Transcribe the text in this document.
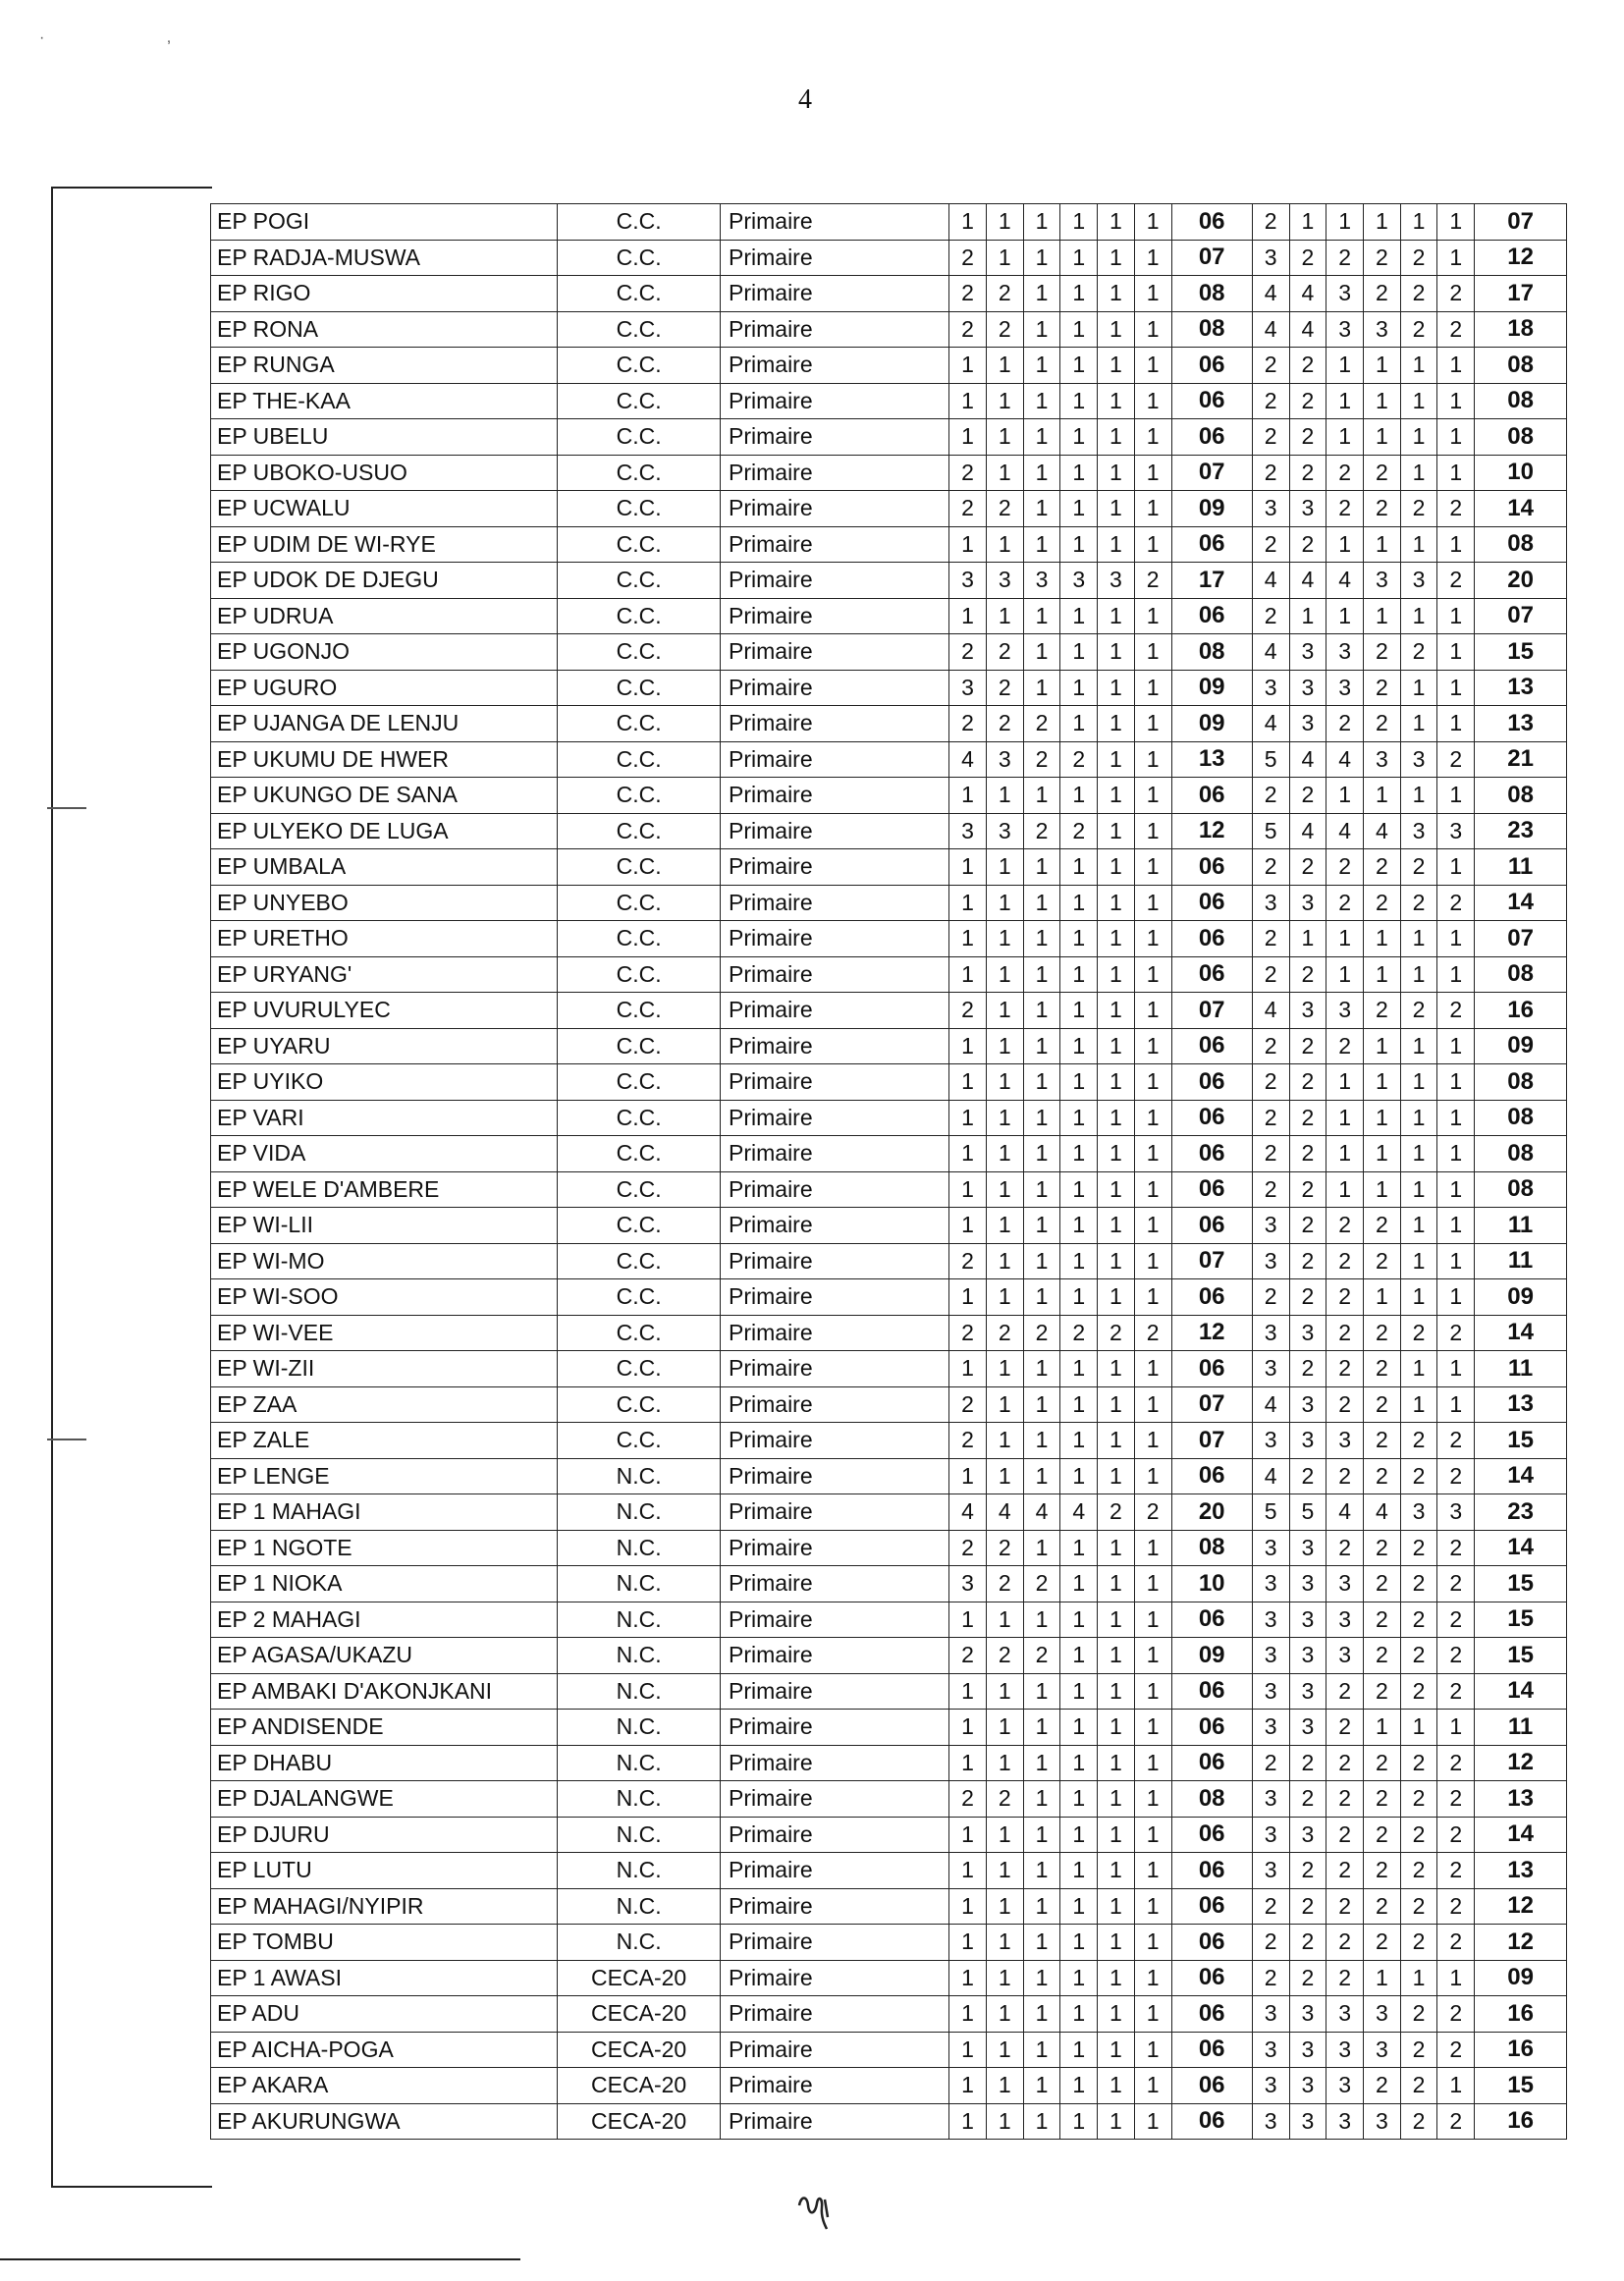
· ,
4
EP POGI	C.C.	Primaire	1	1	1	1	1	1	06	2	1	1	1	1	1	07
EP RADJA-MUSWA	C.C.	Primaire	2	1	1	1	1	1	07	3	2	2	2	2	1	12
EP RIGO	C.C.	Primaire	2	2	1	1	1	1	08	4	4	3	2	2	2	17
EP RONA	C.C.	Primaire	2	2	1	1	1	1	08	4	4	3	3	2	2	18
EP RUNGA	C.C.	Primaire	1	1	1	1	1	1	06	2	2	1	1	1	1	08
EP THE-KAA	C.C.	Primaire	1	1	1	1	1	1	06	2	2	1	1	1	1	08
EP UBELU	C.C.	Primaire	1	1	1	1	1	1	06	2	2	1	1	1	1	08
EP UBOKO-USUO	C.C.	Primaire	2	1	1	1	1	1	07	2	2	2	2	1	1	10
EP UCWALU	C.C.	Primaire	2	2	1	1	1	1	09	3	3	2	2	2	2	14
EP UDIM DE WI-RYE	C.C.	Primaire	1	1	1	1	1	1	06	2	2	1	1	1	1	08
EP UDOK DE DJEGU	C.C.	Primaire	3	3	3	3	3	2	17	4	4	4	3	3	2	20
EP UDRUA	C.C.	Primaire	1	1	1	1	1	1	06	2	1	1	1	1	1	07
EP UGONJO	C.C.	Primaire	2	2	1	1	1	1	08	4	3	3	2	2	1	15
EP UGURO	C.C.	Primaire	3	2	1	1	1	1	09	3	3	3	2	1	1	13
EP UJANGA DE LENJU	C.C.	Primaire	2	2	2	1	1	1	09	4	3	2	2	1	1	13
EP UKUMU DE HWER	C.C.	Primaire	4	3	2	2	1	1	13	5	4	4	3	3	2	21
EP UKUNGO DE SANA	C.C.	Primaire	1	1	1	1	1	1	06	2	2	1	1	1	1	08
EP ULYEKO DE LUGA	C.C.	Primaire	3	3	2	2	1	1	12	5	4	4	4	3	3	23
EP UMBALA	C.C.	Primaire	1	1	1	1	1	1	06	2	2	2	2	2	1	11
EP UNYEBO	C.C.	Primaire	1	1	1	1	1	1	06	3	3	2	2	2	2	14
EP URETHO	C.C.	Primaire	1	1	1	1	1	1	06	2	1	1	1	1	1	07
EP URYANG'	C.C.	Primaire	1	1	1	1	1	1	06	2	2	1	1	1	1	08
EP UVURULYEC	C.C.	Primaire	2	1	1	1	1	1	07	4	3	3	2	2	2	16
EP UYARU	C.C.	Primaire	1	1	1	1	1	1	06	2	2	2	1	1	1	09
EP UYIKO	C.C.	Primaire	1	1	1	1	1	1	06	2	2	1	1	1	1	08
EP VARI	C.C.	Primaire	1	1	1	1	1	1	06	2	2	1	1	1	1	08
EP VIDA	C.C.	Primaire	1	1	1	1	1	1	06	2	2	1	1	1	1	08
EP WELE D'AMBERE	C.C.	Primaire	1	1	1	1	1	1	06	2	2	1	1	1	1	08
EP WI-LII	C.C.	Primaire	1	1	1	1	1	1	06	3	2	2	2	1	1	11
EP WI-MO	C.C.	Primaire	2	1	1	1	1	1	07	3	2	2	2	1	1	11
EP WI-SOO	C.C.	Primaire	1	1	1	1	1	1	06	2	2	2	1	1	1	09
EP WI-VEE	C.C.	Primaire	2	2	2	2	2	2	12	3	3	2	2	2	2	14
EP WI-ZII	C.C.	Primaire	1	1	1	1	1	1	06	3	2	2	2	1	1	11
EP ZAA	C.C.	Primaire	2	1	1	1	1	1	07	4	3	2	2	1	1	13
EP ZALE	C.C.	Primaire	2	1	1	1	1	1	07	3	3	3	2	2	2	15
EP LENGE	N.C.	Primaire	1	1	1	1	1	1	06	4	2	2	2	2	2	14
EP 1 MAHAGI	N.C.	Primaire	4	4	4	4	2	2	20	5	5	4	4	3	3	23
EP 1 NGOTE	N.C.	Primaire	2	2	1	1	1	1	08	3	3	2	2	2	2	14
EP 1 NIOKA	N.C.	Primaire	3	2	2	1	1	1	10	3	3	3	2	2	2	15
EP 2 MAHAGI	N.C.	Primaire	1	1	1	1	1	1	06	3	3	3	2	2	2	15
EP AGASA/UKAZU	N.C.	Primaire	2	2	2	1	1	1	09	3	3	3	2	2	2	15
EP AMBAKI D'AKONJKANI	N.C.	Primaire	1	1	1	1	1	1	06	3	3	2	2	2	2	14
EP ANDISENDE	N.C.	Primaire	1	1	1	1	1	1	06	3	3	2	1	1	1	11
EP DHABU	N.C.	Primaire	1	1	1	1	1	1	06	2	2	2	2	2	2	12
EP DJALANGWE	N.C.	Primaire	2	2	1	1	1	1	08	3	2	2	2	2	2	13
EP DJURU	N.C.	Primaire	1	1	1	1	1	1	06	3	3	2	2	2	2	14
EP LUTU	N.C.	Primaire	1	1	1	1	1	1	06	3	2	2	2	2	2	13
EP MAHAGI/NYIPIR	N.C.	Primaire	1	1	1	1	1	1	06	2	2	2	2	2	2	12
EP TOMBU	N.C.	Primaire	1	1	1	1	1	1	06	2	2	2	2	2	2	12
EP 1 AWASI	CECA-20	Primaire	1	1	1	1	1	1	06	2	2	2	1	1	1	09
EP ADU	CECA-20	Primaire	1	1	1	1	1	1	06	3	3	3	3	2	2	16
EP AICHA-POGA	CECA-20	Primaire	1	1	1	1	1	1	06	3	3	3	3	2	2	16
EP AKARA	CECA-20	Primaire	1	1	1	1	1	1	06	3	3	3	2	2	1	15
EP AKURUNGWA	CECA-20	Primaire	1	1	1	1	1	1	06	3	3	3	3	2	2	16
